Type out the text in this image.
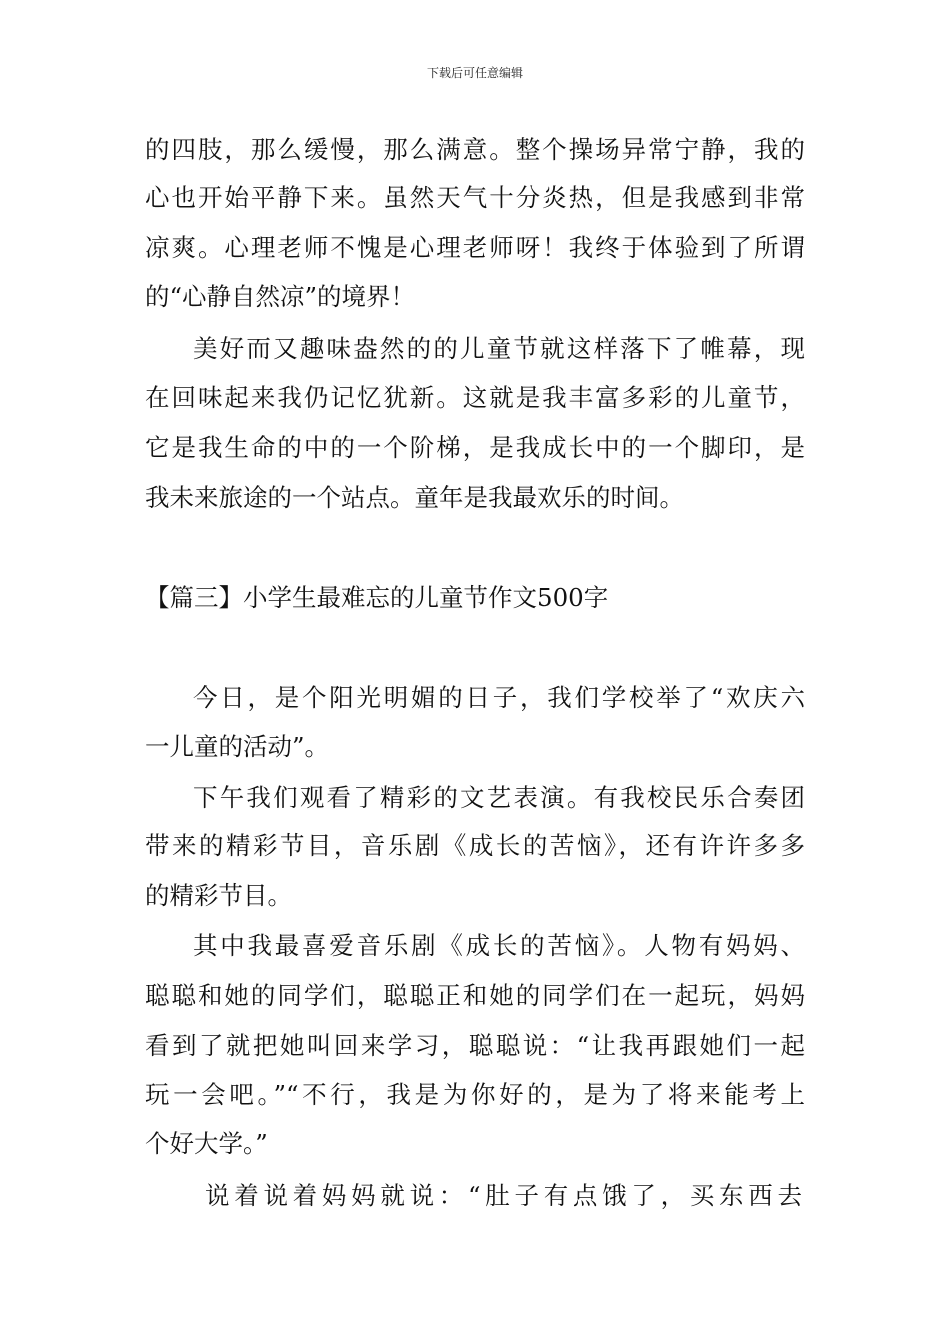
下载后可任意编辑
的四肢，那么缓慢，那么满意。整个操场异常宁静，我的
心也开始平静下来。虽然天气十分炎热，但是我感到非常
凉爽。心理老师不愧是心理老师呀！我终于体验到了所谓
的“心静自然凉”的境界！
美好而又趣味盎然的的儿童节就这样落下了帷幕，现
在回味起来我仍记忆犹新。这就是我丰富多彩的儿童节，
它是我生命的中的一个阶梯，是我成长中的一个脚印，是
我未来旅途的一个站点。童年是我最欢乐的时间。
【篇三】小学生最难忘的儿童节作文500字
今日，是个阳光明媚的日子，我们学校举了“欢庆六
一儿童的活动”。
下午我们观看了精彩的文艺表演。有我校民乐合奏团
带来的精彩节目，音乐剧《成长的苦恼》，还有许许多多
的精彩节目。
其中我最喜爱音乐剧《成长的苦恼》。人物有妈妈、
聪聪和她的同学们，聪聪正和她的同学们在一起玩，妈妈
看到了就把她叫回来学习，聪聪说：“让我再跟她们一起
玩一会吧。”“不行，我是为你好的，是为了将来能考上
个好大学。”
说着说着妈妈就说：“肚子有点饿了，买东西去
